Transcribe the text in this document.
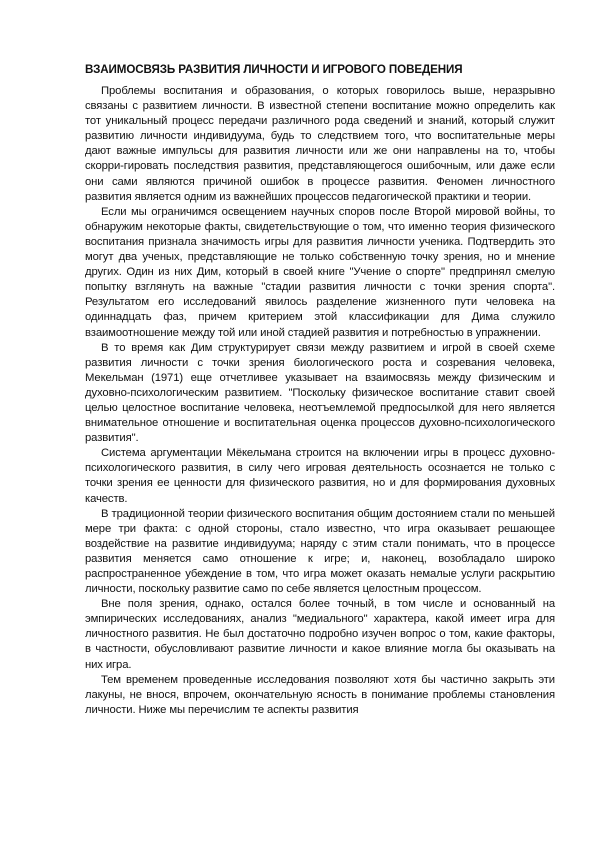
ВЗАИМОСВЯЗЬ РАЗВИТИЯ ЛИЧНОСТИ И ИГРОВОГО ПОВЕДЕНИЯ

Проблемы воспитания и образования, о которых говорилось выше, неразрывно связаны с развитием личности. В известной степени воспитание можно определить как тот уникальный процесс передачи различного рода сведений и знаний, который служит развитию личности индивидуума, будь то следствием того, что воспитательные меры дают важные импульсы для развития личности или же они направлены на то, чтобы скорри-гировать последствия развития, представляющегося ошибочным, или даже если они сами являются причиной ошибок в процессе развития. Феномен личностного развития является одним из важнейших процессов педагогической практики и теории.

Если мы ограничимся освещением научных споров после Второй мировой войны, то обнаружим некоторые факты, свидетельствующие о том, что именно теория физического воспитания признала значимость игры для развития личности ученика. Подтвердить это могут два ученых, представляющие не только собственную точку зрения, но и мнение других. Один из них Дим, который в своей книге "Учение о спорте" предпринял смелую попытку взглянуть на важные "стадии развития личности с точки зрения спорта". Результатом его исследований явилось разделение жизненного пути человека на одиннадцать фаз, причем критерием этой классификации для Дима служило взаимоотношение между той или иной стадией развития и потребностью в упражнении.

В то время как Дим структурирует связи между развитием и игрой в своей схеме развития личности с точки зрения биологического роста и созревания человека, Мекельман (1971) еще отчетливее указывает на взаимосвязь между физическим и духовно-психологическим развитием. "Поскольку физическое воспитание ставит своей целью целостное воспитание человека, неотъемлемой предпосылкой для него является внимательное отношение и воспитательная оценка процессов духовно-психологического развития".

Система аргументации Мёкельмана строится на включении игры в процесс духовно-психологического развития, в силу чего игровая деятельность осознается не только с точки зрения ее ценности для физического развития, но и для формирования духовных качеств.

В традиционной теории физического воспитания общим достоянием стали по меньшей мере три факта: с одной стороны, стало известно, что игра оказывает решающее воздействие на развитие индивидуума; наряду с этим стали понимать, что в процессе развития меняется само отношение к игре; и, наконец, возобладало широко распространенное убеждение в том, что игра может оказать немалые услуги раскрытию личности, поскольку развитие само по себе является целостным процессом.

Вне поля зрения, однако, остался более точный, в том числе и основанный на эмпирических исследованиях, анализ "медиального" характера, какой имеет игра для личностного развития. Не был достаточно подробно изучен вопрос о том, какие факторы, в частности, обусловливают развитие личности и какое влияние могла бы оказывать на них игра.

Тем временем проведенные исследования позволяют хотя бы частично закрыть эти лакуны, не внося, впрочем, окончательную ясность в понимание проблемы становления личности. Ниже мы перечислим те аспекты развития
